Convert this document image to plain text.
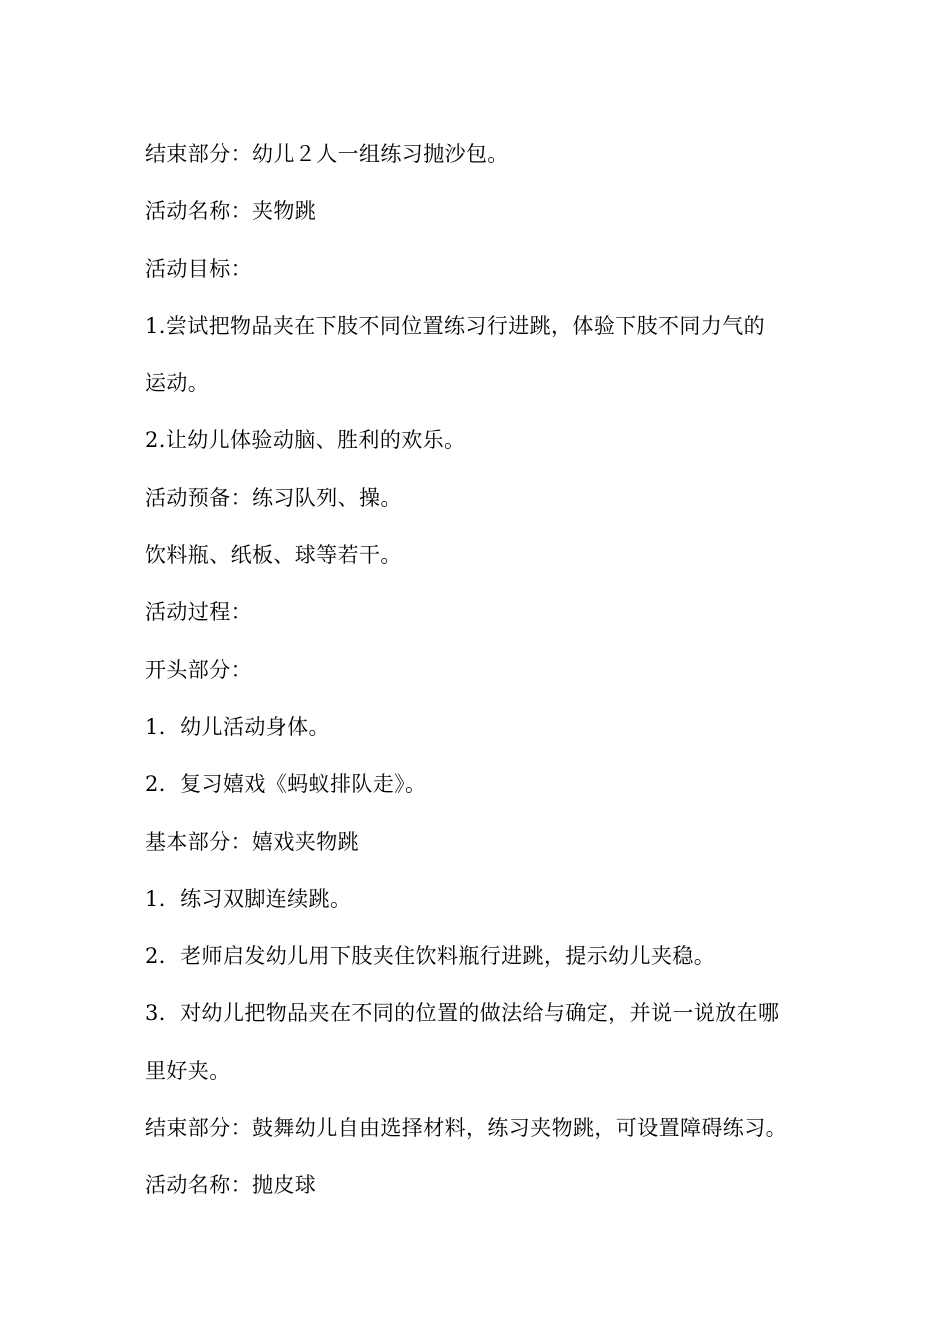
结束部分：幼儿２人一组练习抛沙包。
活动名称：夹物跳
活动目标：
1.尝试把物品夹在下肢不同位置练习行进跳，体验下肢不同力气的
运动。
2.让幼儿体验动脑、胜利的欢乐。
活动预备：练习队列、操。
饮料瓶、纸板、球等若干。
活动过程：
开头部分：
1．幼儿活动身体。
2．复习嬉戏《蚂蚁排队走》。
基本部分：嬉戏夹物跳
1．练习双脚连续跳。
2．老师启发幼儿用下肢夹住饮料瓶行进跳，提示幼儿夹稳。
3．对幼儿把物品夹在不同的位置的做法给与确定，并说一说放在哪
里好夹。
结束部分：鼓舞幼儿自由选择材料，练习夹物跳，可设置障碍练习。
活动名称：抛皮球
